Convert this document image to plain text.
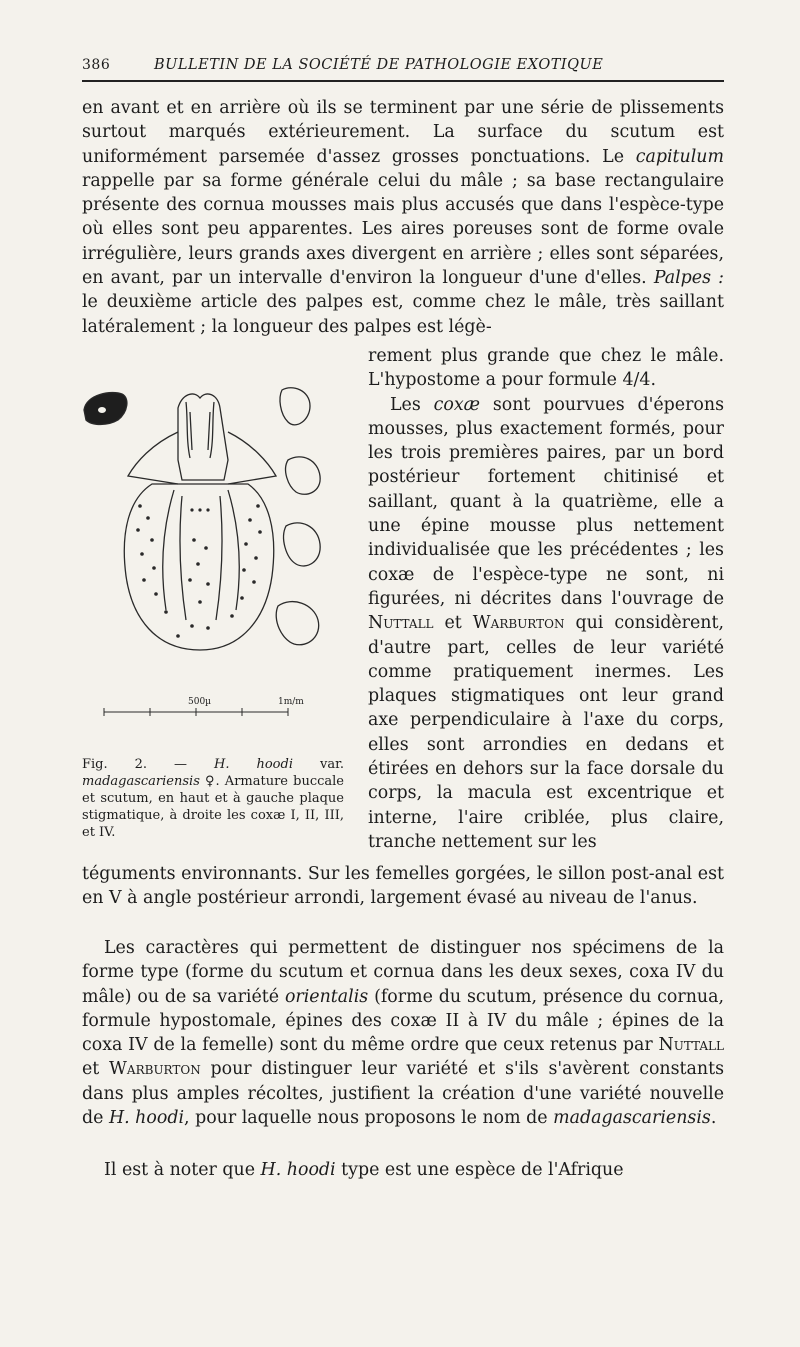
386	BULLETIN DE LA SOCIÉTÉ DE PATHOLOGIE EXOTIQUE

en avant et en arrière où ils se terminent par une série de plissements surtout marqués extérieurement. La surface du scutum est uniformément parsemée d'assez grosses ponctuations. Le capitulum rappelle par sa forme générale celui du mâle ; sa base rectangulaire présente des cornua mousses mais plus accusés que dans l'espèce-type où elles sont peu apparentes. Les aires poreuses sont de forme ovale irrégulière, leurs grands axes divergent en arrière ; elles sont séparées, en avant, par un intervalle d'environ la longueur d'une d'elles. Palpes : le deuxième article des palpes est, comme chez le mâle, très saillant latéralement ; la longueur des palpes est légè-

rement plus grande que chez le mâle. L'hypostome a pour formule 4/4.
Les coxæ sont pourvues d'éperons mousses, plus exactement formés, pour les trois premières paires, par un bord postérieur fortement chitinisé et saillant, quant à la quatrième, elle a une épine mousse plus nettement individualisée que les précédentes ; les coxæ de l'espèce-type ne sont, ni figurées, ni décrites dans l'ouvrage de Nuttall et Warburton qui considèrent, d'autre part, celles de leur variété comme pratiquement inermes. Les plaques stigmatiques ont leur grand axe perpendiculaire à l'axe du corps, elles sont arrondies en dedans et étirées en dehors sur la face dorsale du corps, la macula est excentrique et interne, l'aire criblée, plus claire, tranche nettement sur les

500µ	1m/m

Fig. 2. — H. hoodi var. madagascariensis ♀. Armature buccale et scutum, en haut et à gauche plaque stigmatique, à droite les coxæ I, II, III, et IV.

téguments environnants. Sur les femelles gorgées, le sillon post-anal est en V à angle postérieur arrondi, largement évasé au niveau de l'anus.

Les caractères qui permettent de distinguer nos spécimens de la forme type (forme du scutum et cornua dans les deux sexes, coxa IV du mâle) ou de sa variété orientalis (forme du scutum, présence du cornua, formule hypostomale, épines des coxæ II à IV du mâle ; épines de la coxa IV de la femelle) sont du même ordre que ceux retenus par Nuttall et Warburton pour distinguer leur variété et s'ils s'avèrent constants dans plus amples récoltes, justifient la création d'une variété nouvelle de H. hoodi, pour laquelle nous proposons le nom de madagascariensis.

Il est à noter que H. hoodi type est une espèce de l'Afrique
